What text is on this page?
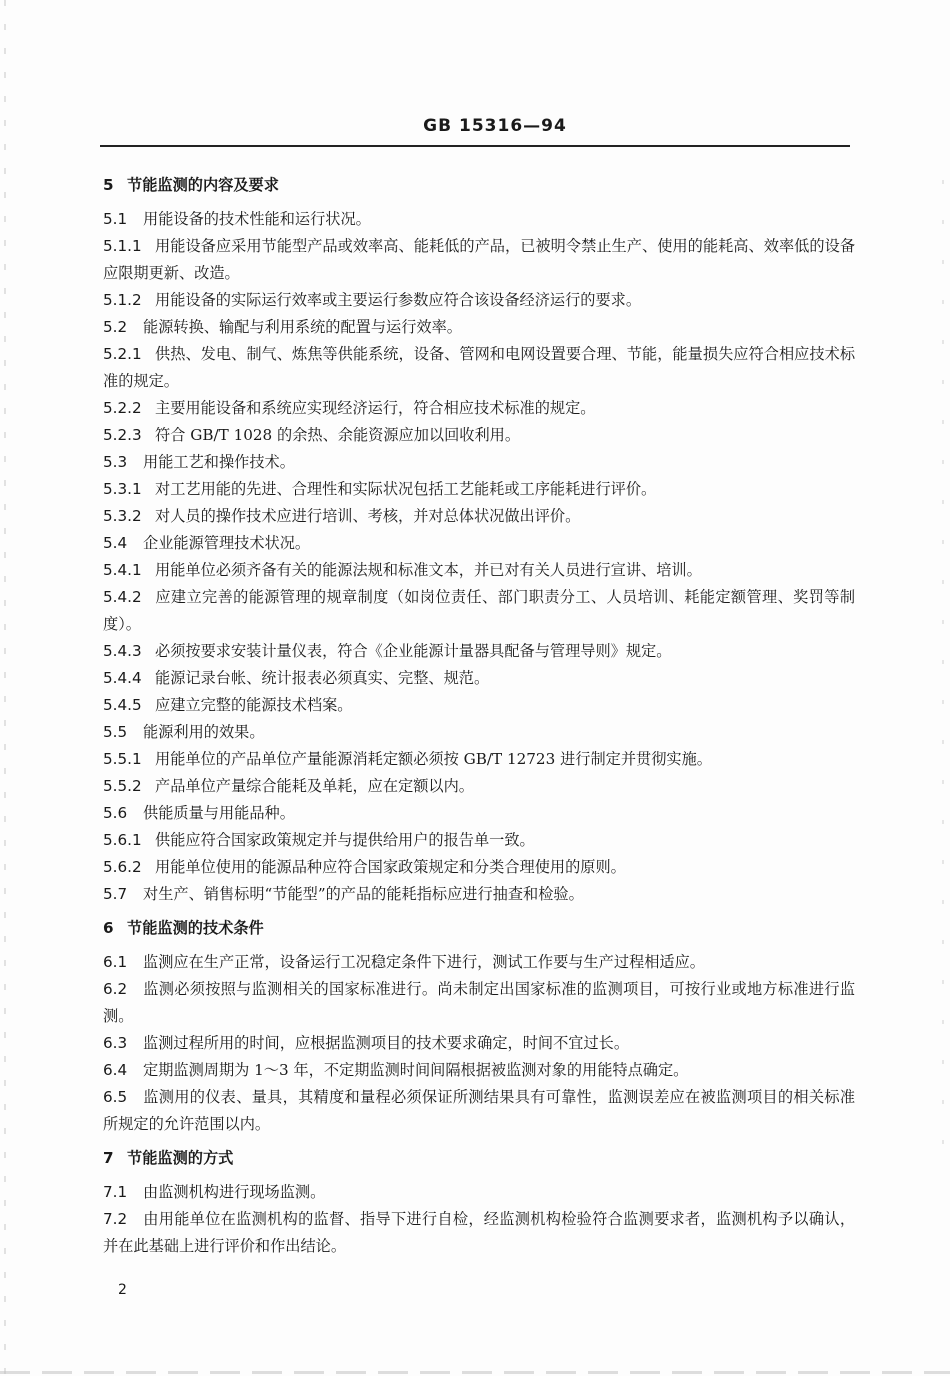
GB 15316—94
5 节能监测的内容及要求
5.1 用能设备的技术性能和运行状况。
5.1.1 用能设备应采用节能型产品或效率高、能耗低的产品，已被明令禁止生产、使用的能耗高、效率低的设备应限期更新、改造。
5.1.2 用能设备的实际运行效率或主要运行参数应符合该设备经济运行的要求。
5.2 能源转换、输配与利用系统的配置与运行效率。
5.2.1 供热、发电、制气、炼焦等供能系统，设备、管网和电网设置要合理、节能，能量损失应符合相应技术标准的规定。
5.2.2 主要用能设备和系统应实现经济运行，符合相应技术标准的规定。
5.2.3 符合 GB/T 1028 的余热、余能资源应加以回收利用。
5.3 用能工艺和操作技术。
5.3.1 对工艺用能的先进、合理性和实际状况包括工艺能耗或工序能耗进行评价。
5.3.2 对人员的操作技术应进行培训、考核，并对总体状况做出评价。
5.4 企业能源管理技术状况。
5.4.1 用能单位必须齐备有关的能源法规和标准文本，并已对有关人员进行宣讲、培训。
5.4.2 应建立完善的能源管理的规章制度（如岗位责任、部门职责分工、人员培训、耗能定额管理、奖罚等制度）。
5.4.3 必须按要求安装计量仪表，符合《企业能源计量器具配备与管理导则》规定。
5.4.4 能源记录台帐、统计报表必须真实、完整、规范。
5.4.5 应建立完整的能源技术档案。
5.5 能源利用的效果。
5.5.1 用能单位的产品单位产量能源消耗定额必须按 GB/T 12723 进行制定并贯彻实施。
5.5.2 产品单位产量综合能耗及单耗，应在定额以内。
5.6 供能质量与用能品种。
5.6.1 供能应符合国家政策规定并与提供给用户的报告单一致。
5.6.2 用能单位使用的能源品种应符合国家政策规定和分类合理使用的原则。
5.7 对生产、销售标明“节能型”的产品的能耗指标应进行抽查和检验。
6 节能监测的技术条件
6.1 监测应在生产正常，设备运行工况稳定条件下进行，测试工作要与生产过程相适应。
6.2 监测必须按照与监测相关的国家标准进行。尚未制定出国家标准的监测项目，可按行业或地方标准进行监测。
6.3 监测过程所用的时间，应根据监测项目的技术要求确定，时间不宜过长。
6.4 定期监测周期为 1～3 年，不定期监测时间间隔根据被监测对象的用能特点确定。
6.5 监测用的仪表、量具，其精度和量程必须保证所测结果具有可靠性，监测误差应在被监测项目的相关标准所规定的允许范围以内。
7 节能监测的方式
7.1 由监测机构进行现场监测。
7.2 由用能单位在监测机构的监督、指导下进行自检，经监测机构检验符合监测要求者，监测机构予以确认，并在此基础上进行评价和作出结论。
2
